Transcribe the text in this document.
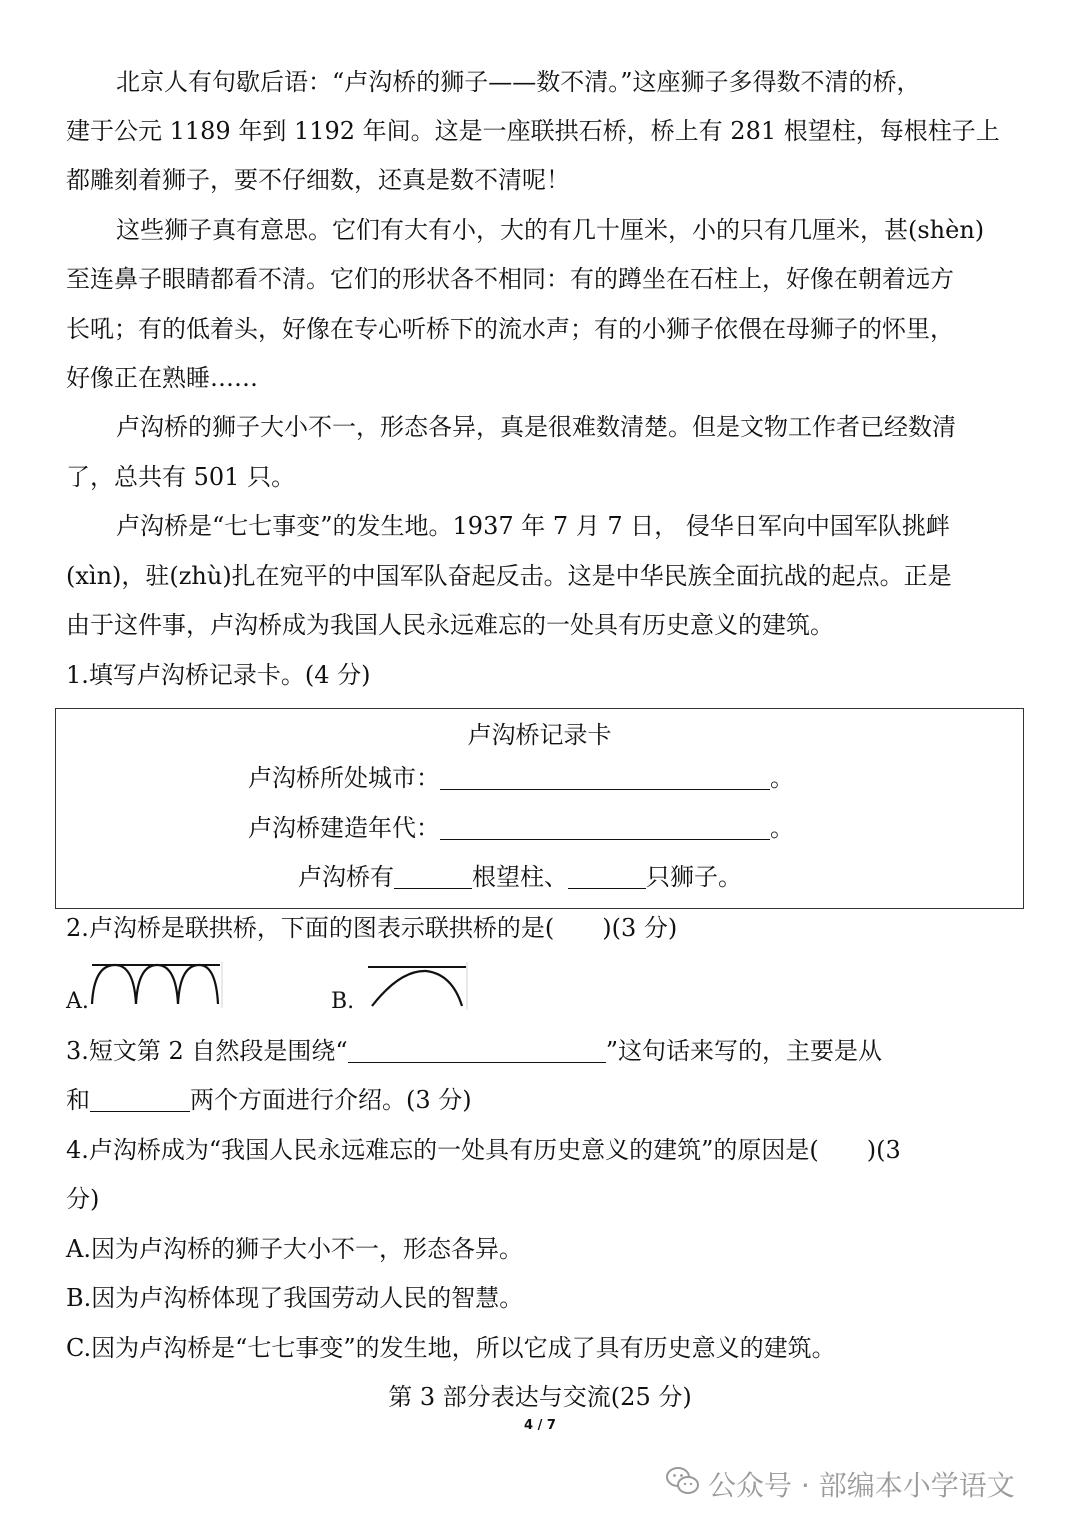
北京人有句歇后语：“卢沟桥的狮子——数不清。”这座狮子多得数不清的桥，
建于公元 1189 年到 1192 年间。这是一座联拱石桥，桥上有 281 根望柱，每根柱子上
都雕刻着狮子，要不仔细数，还真是数不清呢！
这些狮子真有意思。它们有大有小，大的有几十厘米，小的只有几厘米，甚(shèn)
至连鼻子眼睛都看不清。它们的形状各不相同：有的蹲坐在石柱上，好像在朝着远方
长吼；有的低着头，好像在专心听桥下的流水声；有的小狮子依偎在母狮子的怀里，
好像正在熟睡……
卢沟桥的狮子大小不一，形态各异，真是很难数清楚。但是文物工作者已经数清
了，总共有 501 只。
卢沟桥是“七七事变”的发生地。1937 年 7 月 7 日， 侵华日军向中国军队挑衅
(xìn)，驻(zhù)扎在宛平的中国军队奋起反击。这是中华民族全面抗战的起点。正是
由于这件事，卢沟桥成为我国人民永远难忘的一处具有历史意义的建筑。
1.填写卢沟桥记录卡。(4 分)
卢沟桥记录卡
卢沟桥所处城市：	。
卢沟桥建造年代：	。
卢沟桥有	根望柱、	只狮子。
2.卢沟桥是联拱桥，下面的图表示联拱桥的是(　　)(3 分)
A.	B.
3.短文第 2 自然段是围绕“	”这句话来写的，主要是从
和	两个方面进行介绍。(3 分)
4.卢沟桥成为“我国人民永远难忘的一处具有历史意义的建筑”的原因是(　　)(3
分)
A.因为卢沟桥的狮子大小不一，形态各异。
B.因为卢沟桥体现了我国劳动人民的智慧。
C.因为卢沟桥是“七七事变”的发生地，所以它成了具有历史意义的建筑。
第 3 部分表达与交流(25 分)
4 / 7
公众号 · 部编本小学语文
